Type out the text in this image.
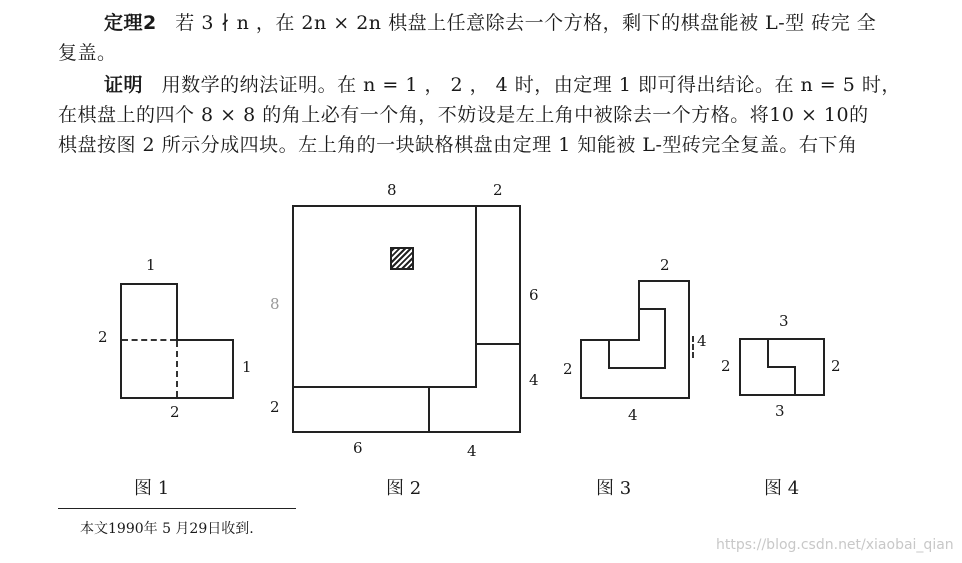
定理2 若 3 ∤ n ，在 2n × 2n 棋盘上任意除去一个方格，剩下的棋盘能被 L-型 砖完 全
复盖。
证明 用数学的纳法证明。在 n = 1 ， 2 ， 4 时，由定理 1 即可得出结论。在 n = 5 时，
在棋盘上的四个 8 × 8 的角上必有一个角，不妨设是左上角中被除去一个方格。将10 × 10的
棋盘按图 2 所示分成四块。左上角的一块缺格棋盘由定理 1 知能被 L-型砖完全复盖。右下角
1
2
1
2
图 1
8	2
8
2
6
4
6	4
图 2
2
2
4
4
图 3
3
2	2
3
图 4
本文1990年 5 月29日收到.
https://blog.csdn.net/xiaobai_qian
